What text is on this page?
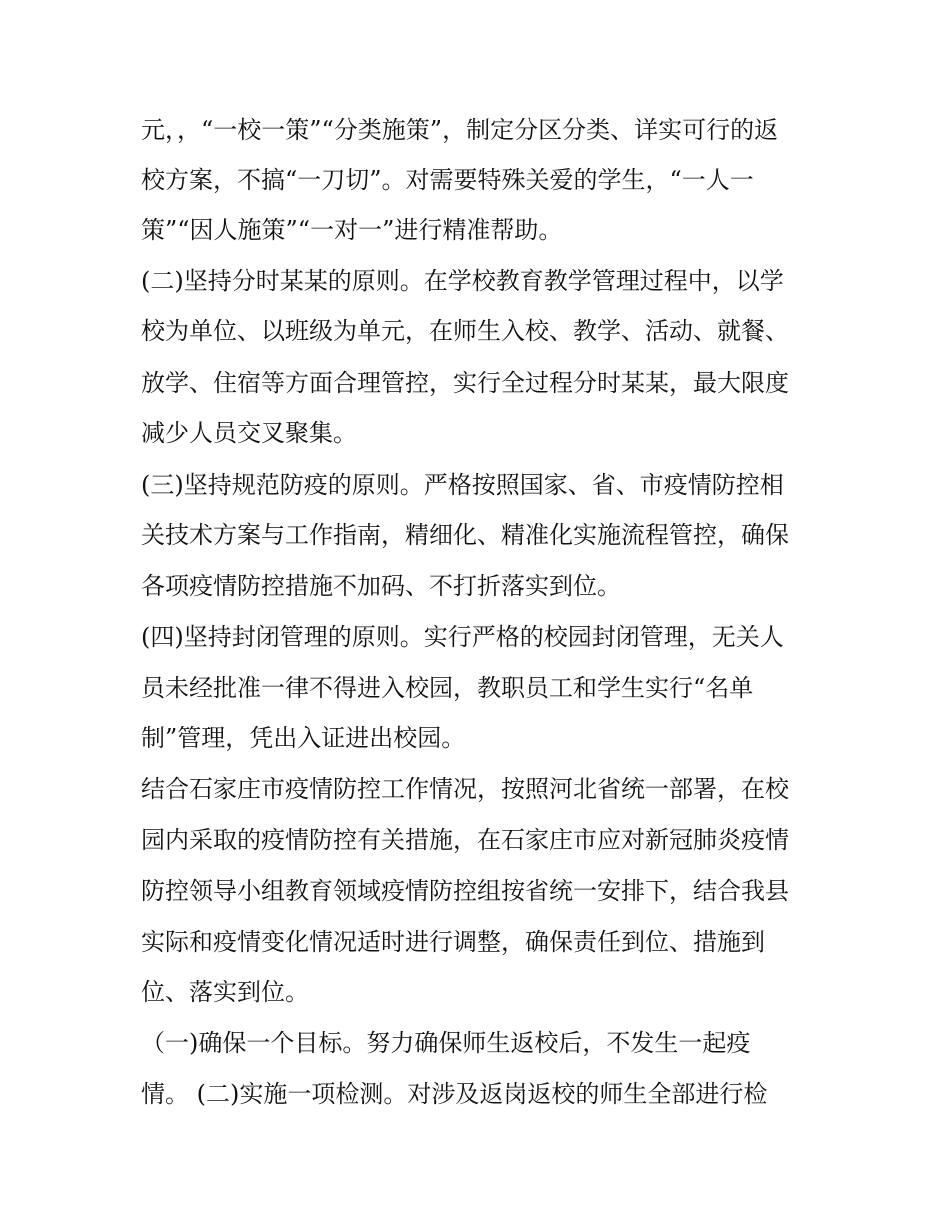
元，，“一校一策”“分类施策”，制定分区分类、详实可行的返
校方案，不搞“一刀切”。对需要特殊关爱的学生，“一人一
策”“因人施策”“一对一”进行精准帮助。
(二)坚持分时某某的原则。在学校教育教学管理过程中，以学
校为单位、以班级为单元，在师生入校、教学、活动、就餐、
放学、住宿等方面合理管控，实行全过程分时某某，最大限度
减少人员交叉聚集。
(三)坚持规范防疫的原则。严格按照国家、省、市疫情防控相
关技术方案与工作指南，精细化、精准化实施流程管控，确保
各项疫情防控措施不加码、不打折落实到位。
(四)坚持封闭管理的原则。实行严格的校园封闭管理，无关人
员未经批准一律不得进入校园，教职员工和学生实行“名单
制”管理，凭出入证进出校园。
结合石家庄市疫情防控工作情况，按照河北省统一部署，在校
园内采取的疫情防控有关措施，在石家庄市应对新冠肺炎疫情
防控领导小组教育领域疫情防控组按省统一安排下，结合我县
实际和疫情变化情况适时进行调整，确保责任到位、措施到
位、落实到位。
（一)确保一个目标。努力确保师生返校后，不发生一起疫
情。 (二)实施一项检测。对涉及返岗返校的师生全部进行检
